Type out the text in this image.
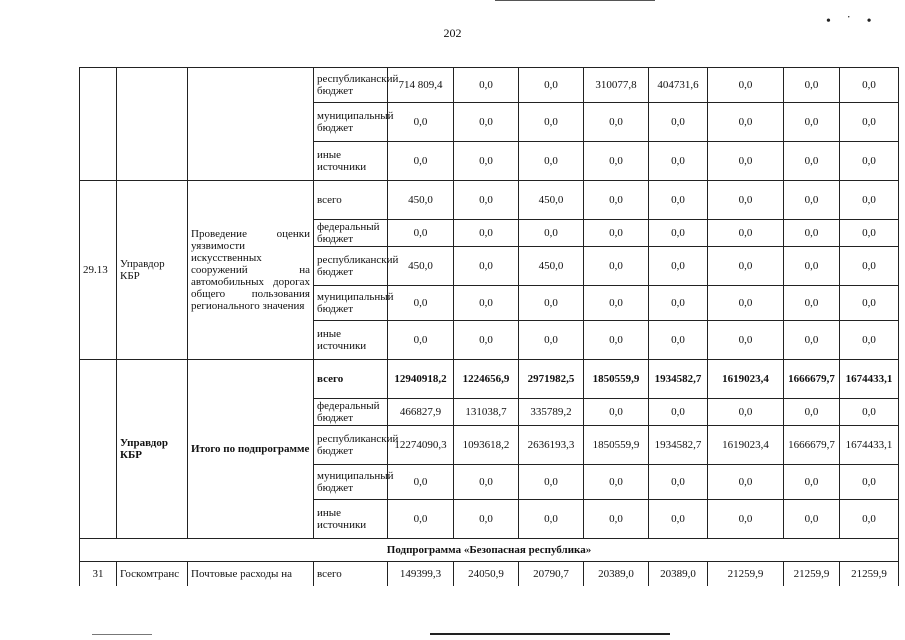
202
• ˙ •
			республиканский бюджет	714 809,4	0,0	0,0	310077,8	404731,6	0,0	0,0	0,0
			муниципальный бюджет	0,0	0,0	0,0	0,0	0,0	0,0	0,0	0,0
			иные источники	0,0	0,0	0,0	0,0	0,0	0,0	0,0	0,0
29.13	Управдор КБР	Проведение оценки уязвимости искусственных сооружений на автомобильных дорогах общего пользования регионального значения	всего	450,0	0,0	450,0	0,0	0,0	0,0	0,0	0,0
			федеральный бюджет	0,0	0,0	0,0	0,0	0,0	0,0	0,0	0,0
			республиканский бюджет	450,0	0,0	450,0	0,0	0,0	0,0	0,0	0,0
			муниципальный бюджет	0,0	0,0	0,0	0,0	0,0	0,0	0,0	0,0
			иные источники	0,0	0,0	0,0	0,0	0,0	0,0	0,0	0,0
	Управдор КБР	Итого по подпрограмме	всего	12940918,2	1224656,9	2971982,5	1850559,9	1934582,7	1619023,4	1666679,7	1674433,1
			федеральный бюджет	466827,9	131038,7	335789,2	0,0	0,0	0,0	0,0	0,0
			республиканский бюджет	12274090,3	1093618,2	2636193,3	1850559,9	1934582,7	1619023,4	1666679,7	1674433,1
			муниципальный бюджет	0,0	0,0	0,0	0,0	0,0	0,0	0,0	0,0
			иные источники	0,0	0,0	0,0	0,0	0,0	0,0	0,0	0,0
Подпрограмма «Безопасная республика»											
31	Госкомтранс	Почтовые расходы на	всего	149399,3	24050,9	20790,7	20389,0	20389,0	21259,9	21259,9	21259,9
